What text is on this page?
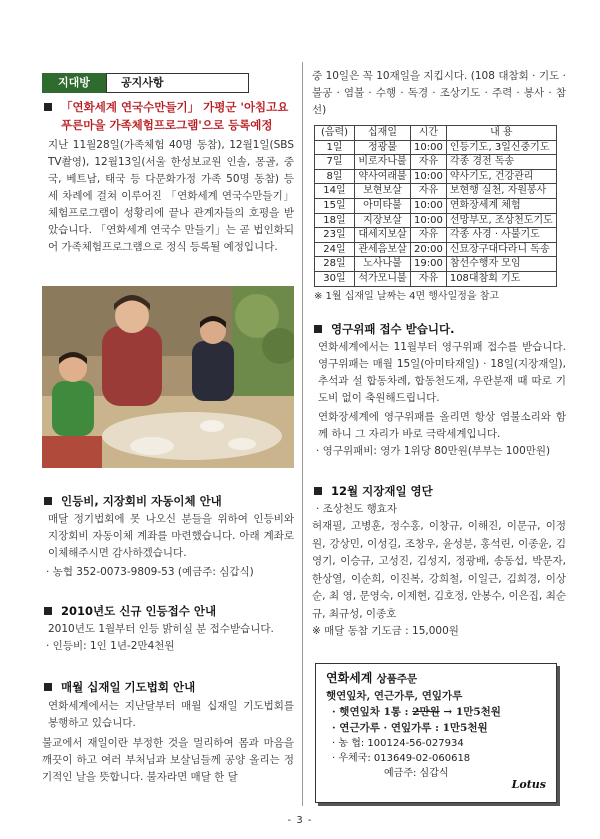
지대방	공지사항
「연화세계 연국수만들기」 가평군 '아침고요푸른마을 가족체험프로그램'으로 등록예정
지난 11월28일(가족체험 40명 동참), 12월1일(SBS TV촬영), 12월13일(서울 한성보교원 인솔, 몽골, 중국, 베트남, 태국 등 다문화가정 가족 50명 동참) 등 세 차례에 걸쳐 이루어진 「연화세계 연국수만들기」 체험프로그램이 성황리에 끝나 관계자들의 호평을 받았습니다. 「연화세계 연국수 만들기」는 곧 법인화되어 가족체험프로그램으로 정식 등록될 예정입니다.
인등비, 지장회비 자동이체 안내
매달 정기법회에 못 나오신 분들을 위하여 인등비와 지장회비 자동이체 계좌를 마련했습니다. 아래 계좌로 이체해주시면 감사하겠습니다.
· 농협 352-0073-9809-53 (예금주: 심갑식)
2010년도 신규 인등접수 안내
2010년도 1월부터 인등 밝히실 분 접수받습니다.
· 인등비: 1인 1년-2만4천원
매월 십재일 기도법회 안내
연화세계에서는 지난달부터 매월 십재일 기도법회를 봉행하고 있습니다.
불교에서 재일이란 부정한 것을 멀리하여 몸과 마음을 깨끗이 하고 여러 부처님과 보살님들께 공양 올리는 정기적인 날을 뜻합니다. 불자라면 매달 한 달
중 10일은 꼭 10재일을 지킵시다. (108 대참회 · 기도 · 불공 · 염불 · 수행 · 독경 · 조상기도 · 주력 · 봉사 · 참선)
(음력)	십재일	시간	내 용
1일	정광불	10:00	인등기도, 3일신중기도
7일	비로자나불	자유	각종 경전 독송
8일	약사여래불	10:00	약사기도, 건강관리
14일	보현보살	자유	보현행 실천, 자원봉사
15일	아미타불	10:00	연화장세계 체험
18일	지장보살	10:00	선망부모, 조상천도기도
23일	대세지보살	자유	각종 사경 · 사불기도
24일	관세음보살	20:00	신묘장구대다라니 독송
28일	노사나불	19:00	참선수행자 모임
30일	석가모니불	자유	108대참회 기도
※ 1월 십재일 날짜는 4면 행사일정을 참고
영구위패 접수 받습니다.
연화세계에서는 11월부터 영구위패 접수를 받습니다. 영구위패는 매월 15일(아미타재일) · 18일(지장재일), 추석과 설 합동차례, 합동천도재, 우란분재 때 따로 기도비 없이 축원해드립니다.
연화장세계에 영구위패를 올리면 항상 염불소리와 함께 하니 그 자리가 바로 극락세계입니다.
· 영구위패비: 영가 1위당 80만원(부부는 100만원)
12월 지장재일 영단
· 조상천도 행효자
허재필, 고병훈, 정수홍, 이창규, 이해진, 이문규, 이정원, 강상민, 이성길, 조창우, 윤성분, 홍석린, 이종윤, 김영기, 이승규, 고성진, 김성지, 정광배, 송동섭, 박문자, 한상열, 이순희, 이진복, 강희철, 이일근, 김희경, 이상순, 최 영, 문영숙, 이제현, 김호정, 안봉수, 이은집, 최순규, 최규성, 이종호
※ 매달 동참 기도금 : 15,000원
연화세계 상품주문
햇연잎차, 연근가루, 연잎가루
· 햇연잎차 1통 : 2만원 → 1만5천원
· 연근가루 · 연잎가루 : 1만5천원
· 농 협: 100124-56-027934
· 우체국: 013649-02-060618
예금주: 심갑식
Lotus
- 3 -
